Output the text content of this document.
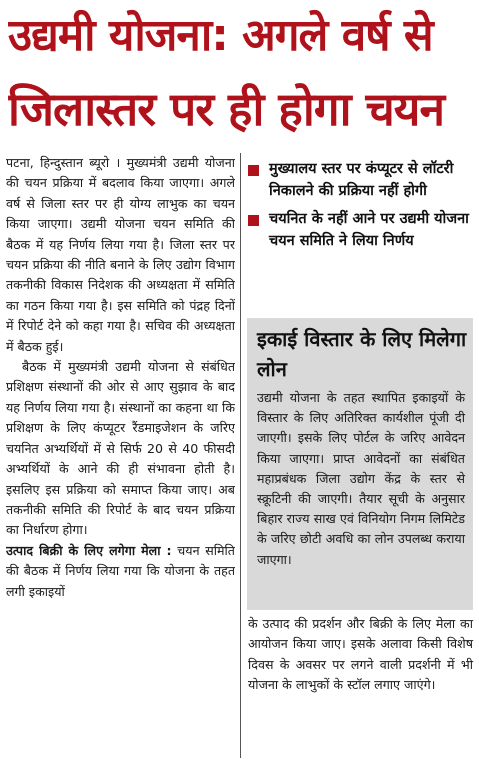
उद्यमी योजना: अगले वर्ष से
जिलास्तर पर ही होगा चयन

पटना, हिन्दुस्तान ब्यूरो । मुख्यमंत्री उद्यमी योजना की चयन प्रक्रिया में बदलाव किया जाएगा। अगले वर्ष से जिला स्तर पर ही योग्य लाभुक का चयन किया जाएगा। उद्यमी योजना चयन समिति की बैठक में यह निर्णय लिया गया है। जिला स्तर पर चयन प्रक्रिया की नीति बनाने के लिए उद्योग विभाग तकनीकी विकास निदेशक की अध्यक्षता में समिति का गठन किया गया है। इस समिति को पंद्रह दिनों में रिपोर्ट देने को कहा गया है। सचिव की अध्यक्षता में बैठक हुई।

बैठक में मुख्यमंत्री उद्यमी योजना से संबंधित प्रशिक्षण संस्थानों की ओर से आए सुझाव के बाद यह निर्णय लिया गया है। संस्थानों का कहना था कि प्रशिक्षण के लिए कंप्यूटर रैंडमाइजेशन के जरिए चयनित अभ्यर्थियों में से सिर्फ 20 से 40 फीसदी अभ्यर्थियों के आने की ही संभावना होती है। इसलिए इस प्रक्रिया को समाप्त किया जाए। अब तकनीकी समिति की रिपोर्ट के बाद चयन प्रक्रिया का निर्धारण होगा।

उत्पाद बिक्री के लिए लगेगा मेला : चयन समिति की बैठक में निर्णय लिया गया कि योजना के तहत लगी इकाइयों

मुख्यालय स्तर पर कंप्यूटर से लॉटरी निकालने की प्रक्रिया नहीं होगी
चयनित के नहीं आने पर उद्यमी योजना चयन समिति ने लिया निर्णय
इकाई विस्तार के लिए मिलेगा लोन
उद्यमी योजना के तहत स्थापित इकाइयों के विस्तार के लिए अतिरिक्त कार्यशील पूंजी दी जाएगी। इसके लिए पोर्टल के जरिए आवेदन किया जाएगा। प्राप्त आवेदनों का संबंधित महाप्रबंधक जिला उद्योग केंद्र के स्तर से स्क्रूटिनी की जाएगी। तैयार सूची के अनुसार बिहार राज्य साख एवं विनियोग निगम लिमिटेड के जरिए छोटी अवधि का लोन उपलब्ध कराया जाएगा।
के उत्पाद की प्रदर्शन और बिक्री के लिए मेला का आयोजन किया जाए। इसके अलावा किसी विशेष दिवस के अवसर पर लगने वाली प्रदर्शनी में भी योजना के लाभुकों के स्टॉल लगाए जाएंगे।
